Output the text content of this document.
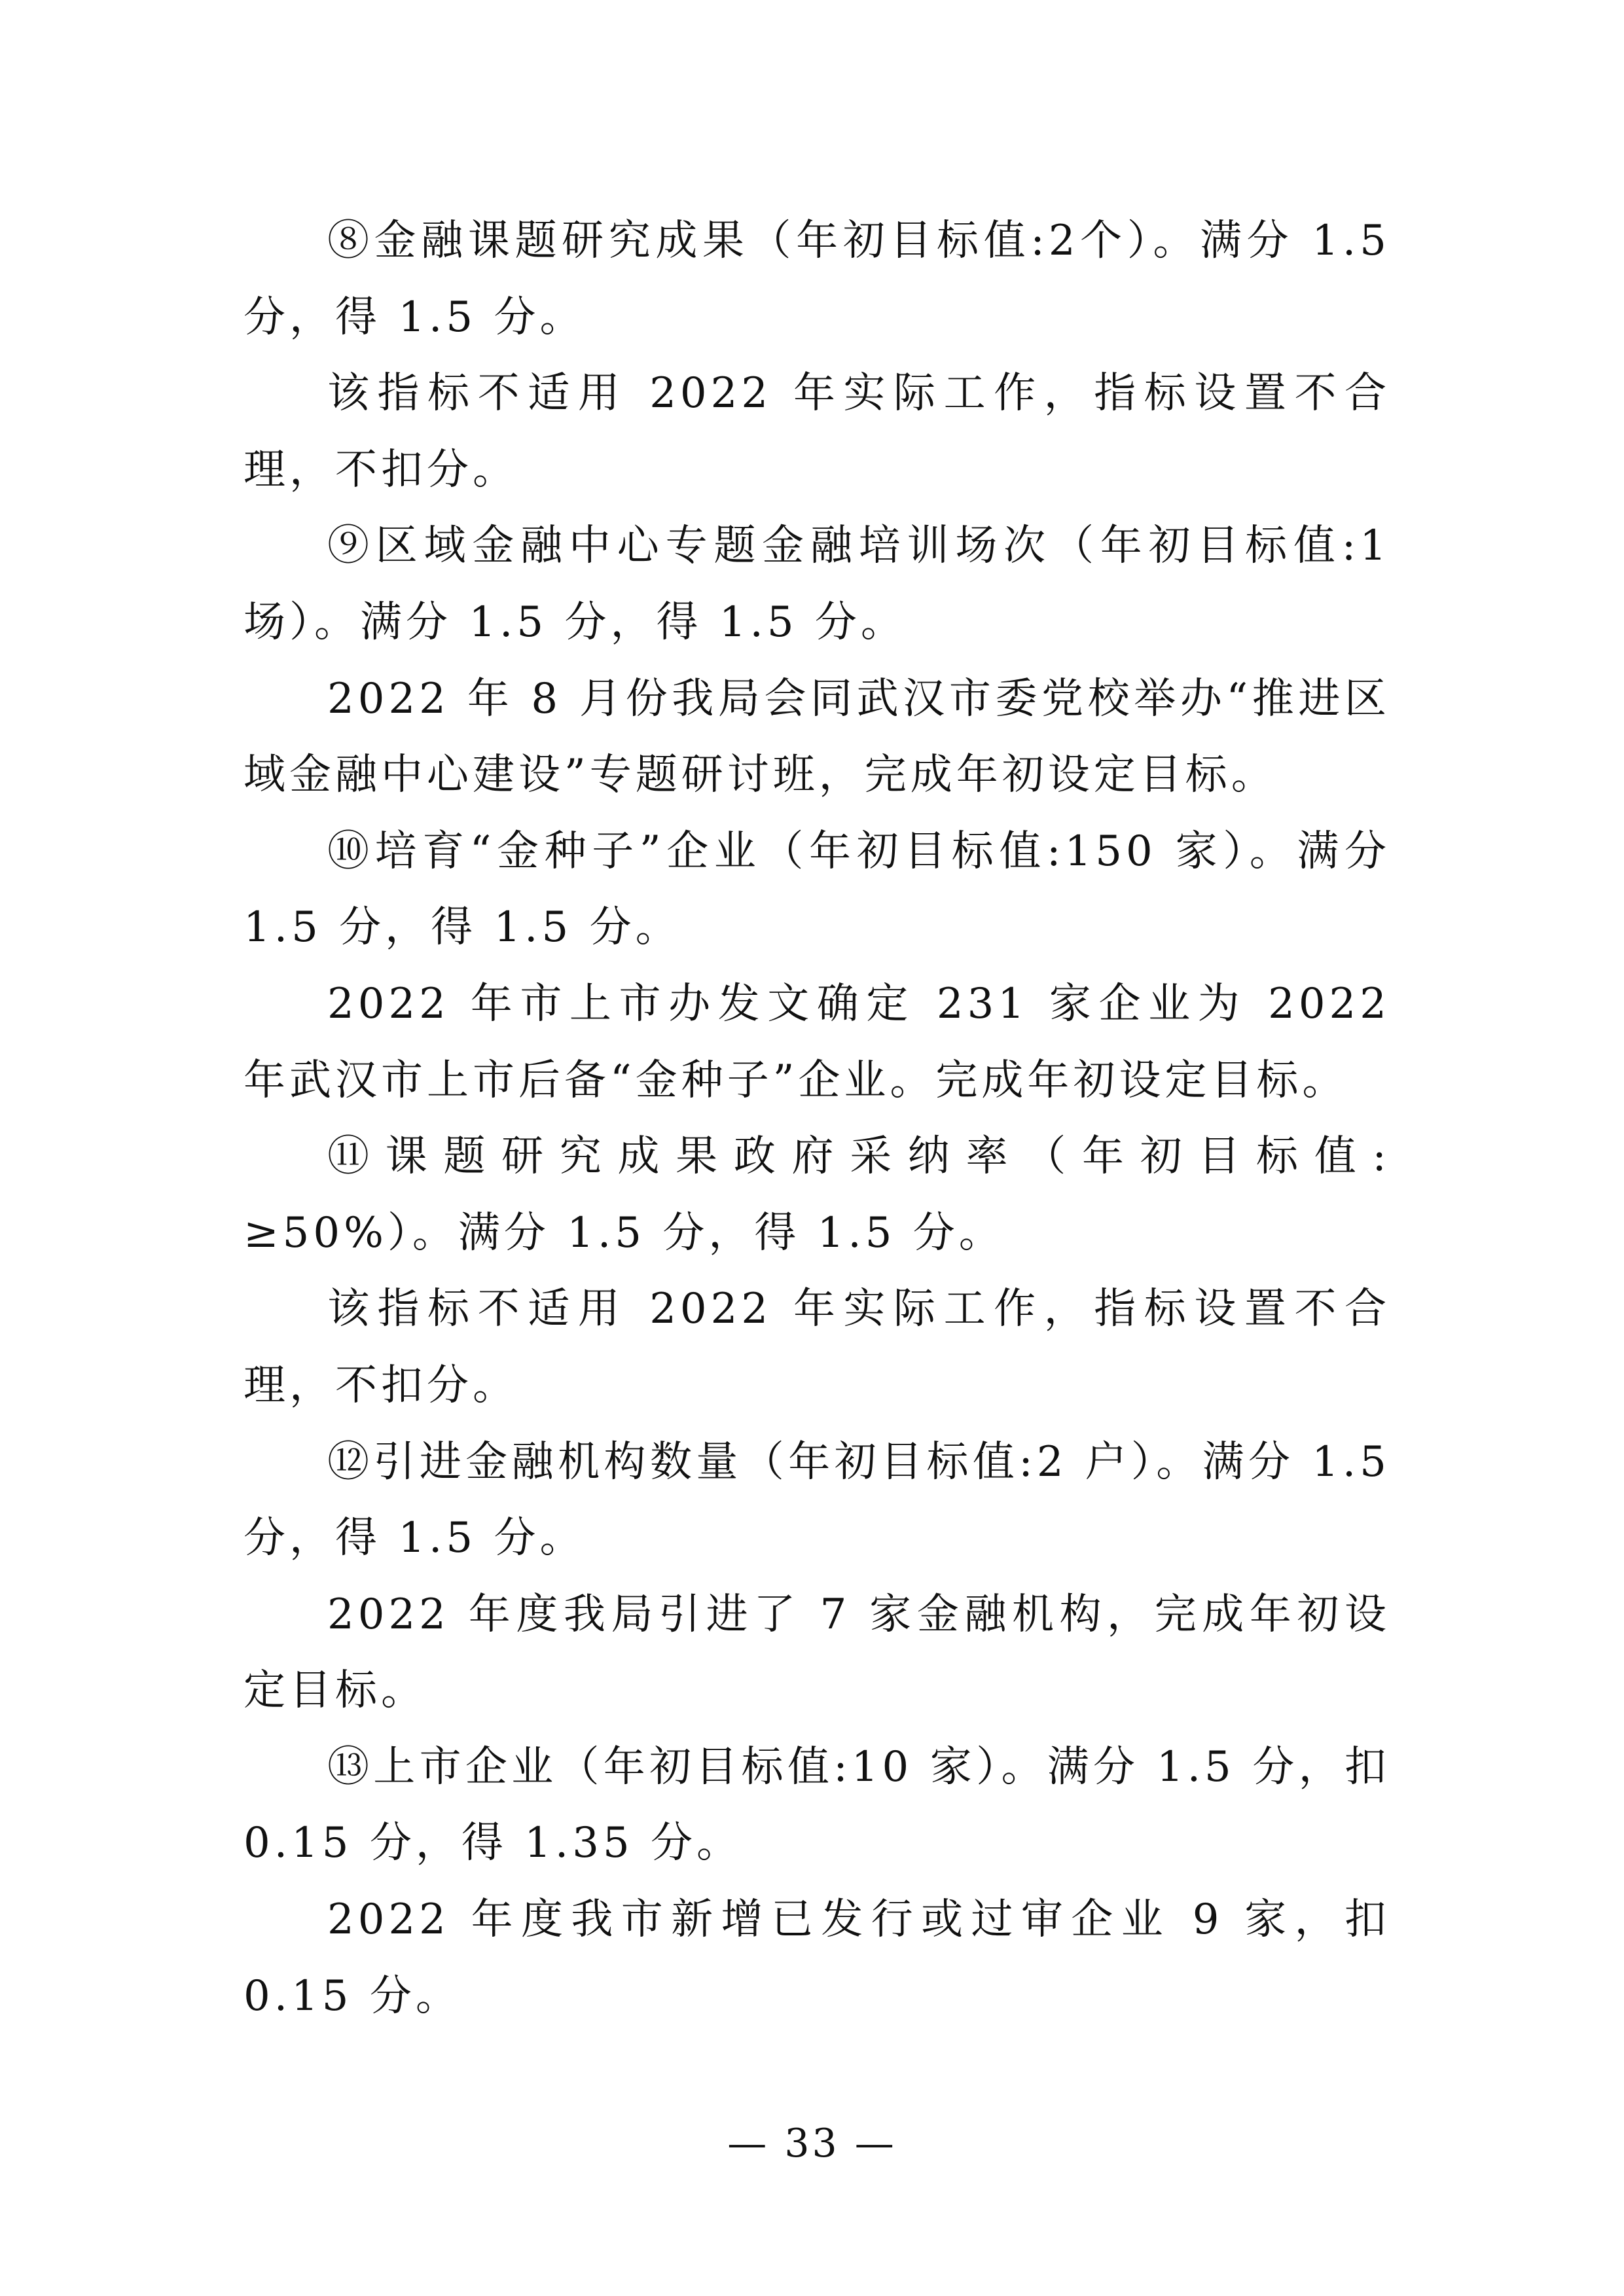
⑧金融课题研究成果（年初目标值:2个）。满分 1.5 分，得 1.5 分。

该指标不适用 2022 年实际工作，指标设置不合理，不扣分。

⑨区域金融中心专题金融培训场次（年初目标值:1 场）。满分 1.5 分，得 1.5 分。

2022 年 8 月份我局会同武汉市委党校举办“推进区域金融中心建设”专题研讨班，完成年初设定目标。

⑩培育“金种子”企业（年初目标值:150 家）。满分 1.5 分，得 1.5 分。

2022 年市上市办发文确定 231 家企业为 2022 年武汉市上市后备“金种子”企业。完成年初设定目标。

⑪课题研究成果政府采纳率（年初目标值: ≥50%）。满分 1.5 分，得 1.5 分。

该指标不适用 2022 年实际工作，指标设置不合理，不扣分。

⑫引进金融机构数量（年初目标值:2 户）。满分 1.5 分，得 1.5 分。

2022 年度我局引进了 7 家金融机构，完成年初设定目标。

⑬上市企业（年初目标值:10 家）。满分 1.5 分，扣 0.15 分，得 1.35 分。

2022 年度我市新增已发行或过审企业 9 家，扣 0.15 分。

— 33 —
